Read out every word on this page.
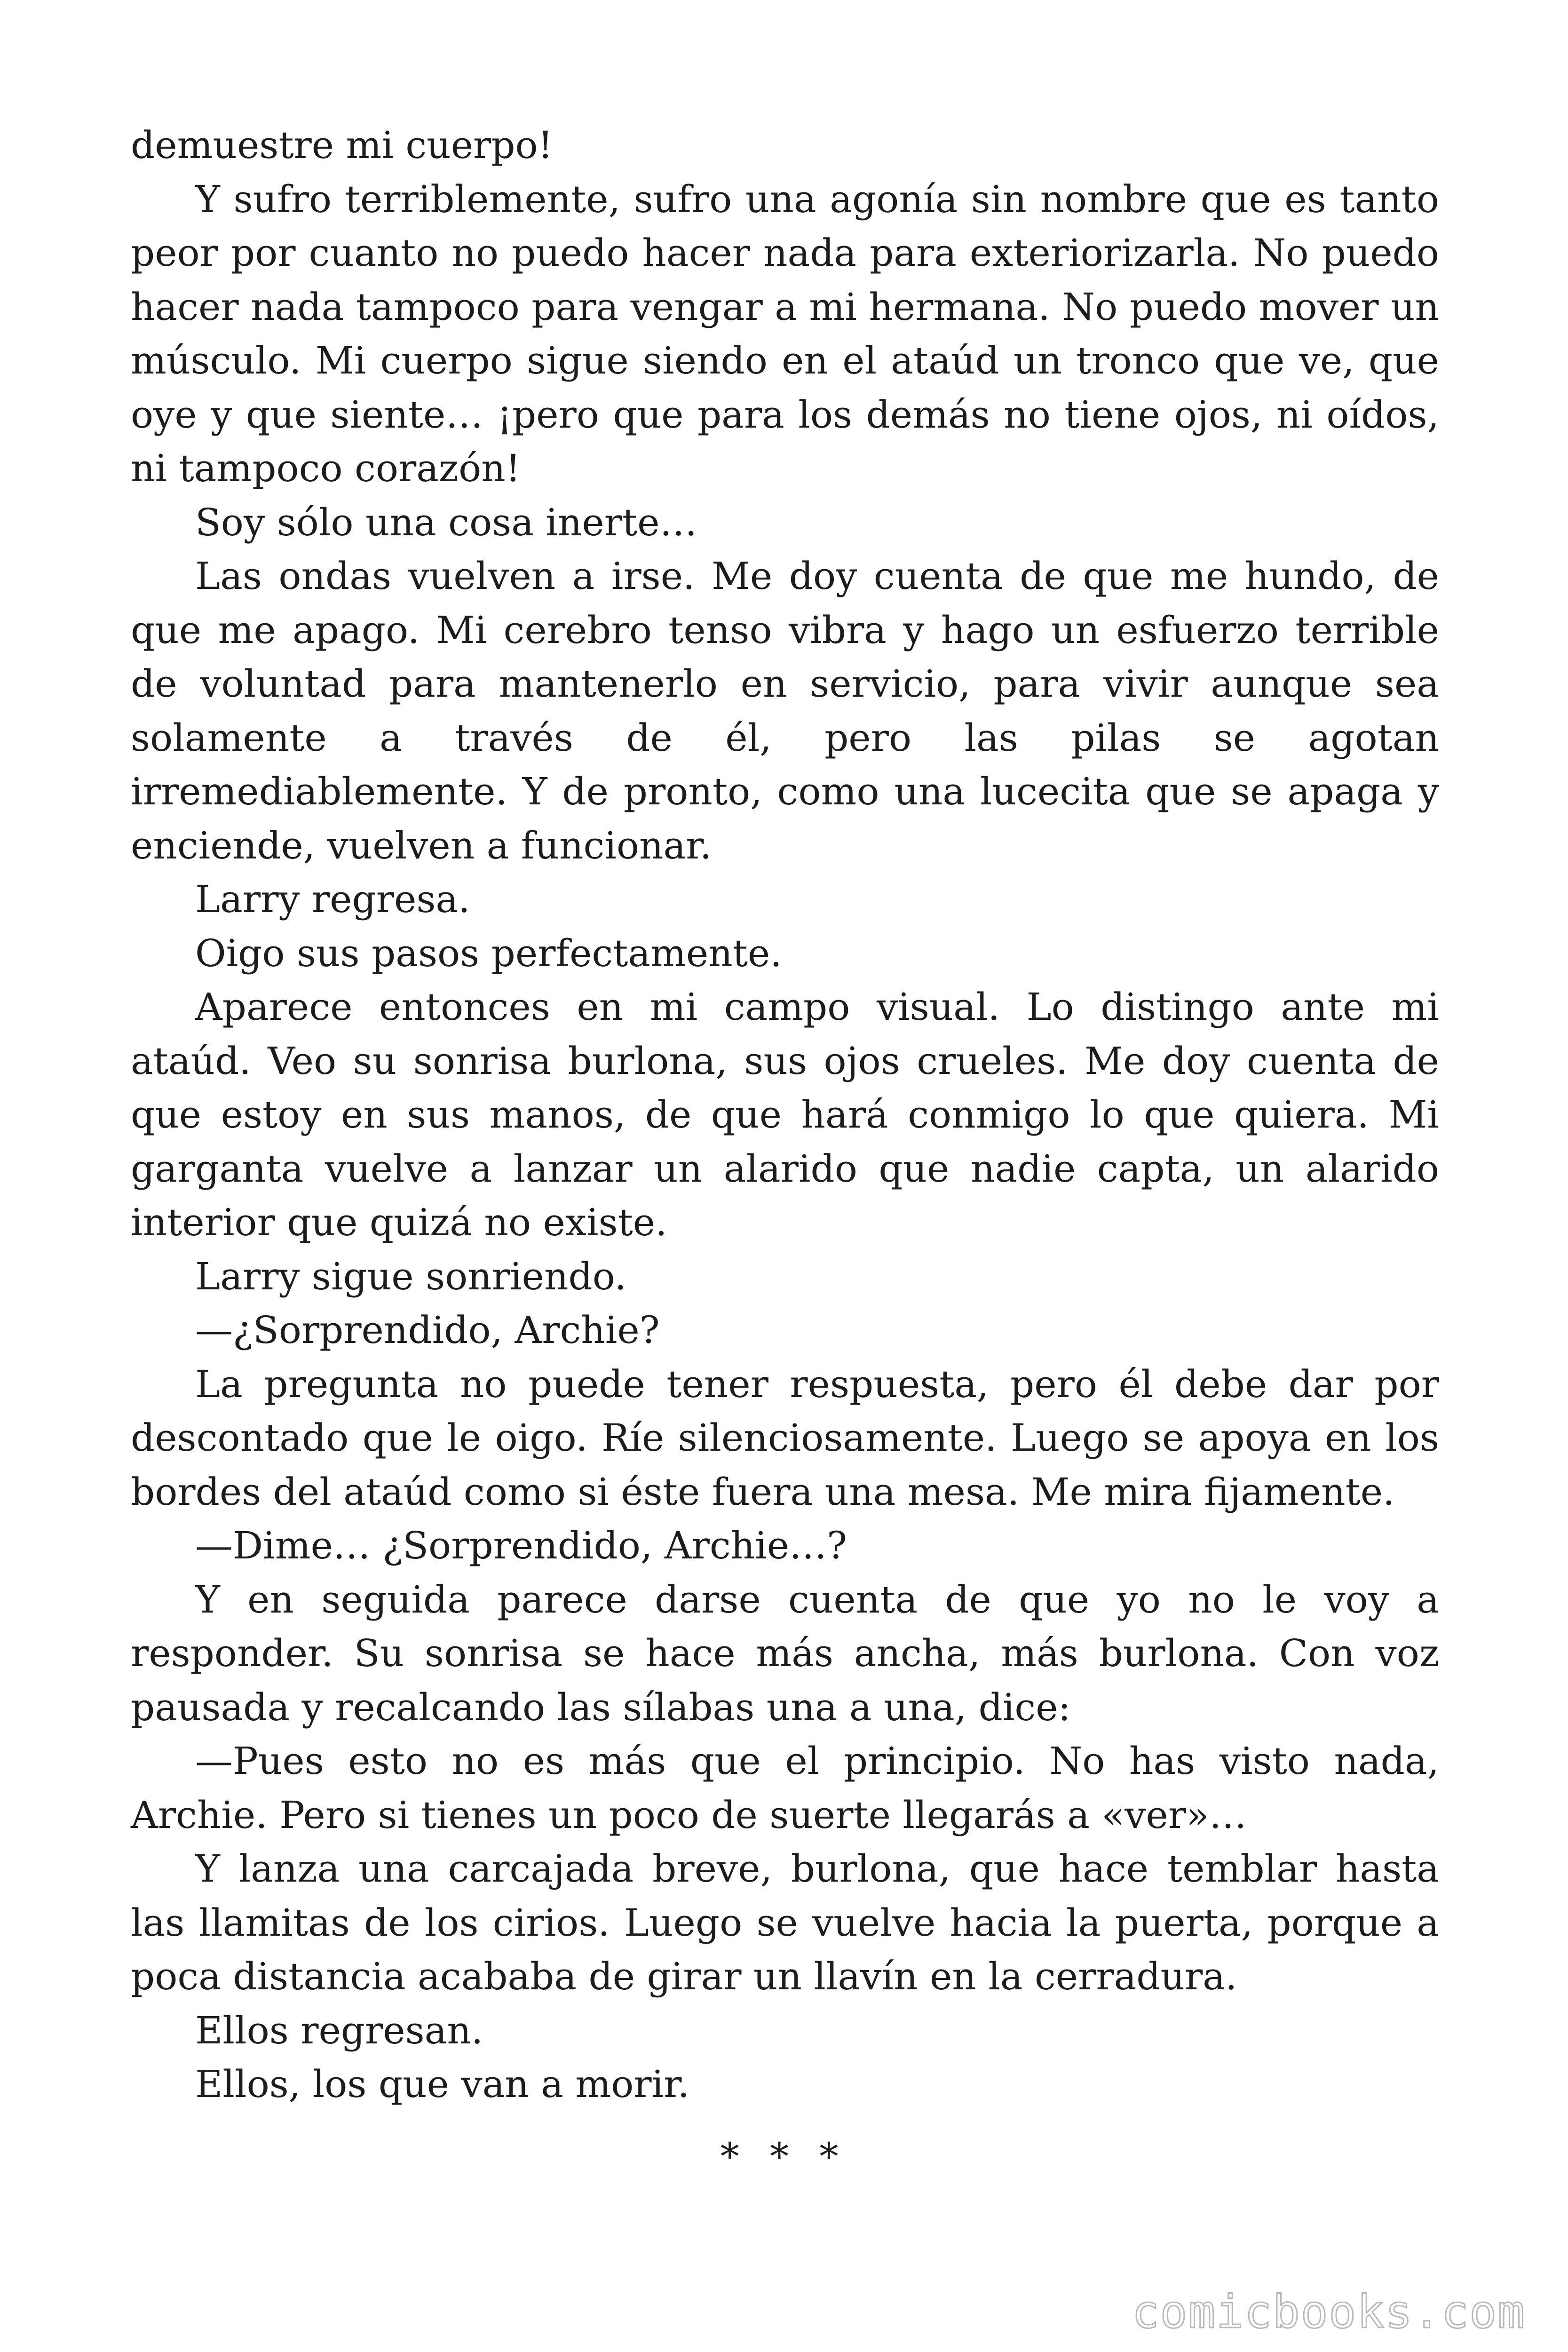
demuestre mi cuerpo!

Y sufro terriblemente, sufro una agonía sin nombre que es tanto peor por cuanto no puedo hacer nada para exteriorizarla. No puedo hacer nada tampoco para vengar a mi hermana. No puedo mover un músculo. Mi cuerpo sigue siendo en el ataúd un tronco que ve, que oye y que siente… ¡pero que para los demás no tiene ojos, ni oídos, ni tampoco corazón!

Soy sólo una cosa inerte…

Las ondas vuelven a irse. Me doy cuenta de que me hundo, de que me apago. Mi cerebro tenso vibra y hago un esfuerzo terrible de voluntad para mantenerlo en servicio, para vivir aunque sea solamente a través de él, pero las pilas se agotan irremediablemente. Y de pronto, como una lucecita que se apaga y enciende, vuelven a funcionar.

Larry regresa.

Oigo sus pasos perfectamente.

Aparece entonces en mi campo visual. Lo distingo ante mi ataúd. Veo su sonrisa burlona, sus ojos crueles. Me doy cuenta de que estoy en sus manos, de que hará conmigo lo que quiera. Mi garganta vuelve a lanzar un alarido que nadie capta, un alarido interior que quizá no existe.

Larry sigue sonriendo.

—¿Sorprendido, Archie?

La pregunta no puede tener respuesta, pero él debe dar por descontado que le oigo. Ríe silenciosamente. Luego se apoya en los bordes del ataúd como si éste fuera una mesa. Me mira fijamente.

—Dime… ¿Sorprendido, Archie…?

Y en seguida parece darse cuenta de que yo no le voy a responder. Su sonrisa se hace más ancha, más burlona. Con voz pausada y recalcando las sílabas una a una, dice:

—Pues esto no es más que el principio. No has visto nada, Archie. Pero si tienes un poco de suerte llegarás a «ver»…

Y lanza una carcajada breve, burlona, que hace temblar hasta las llamitas de los cirios. Luego se vuelve hacia la puerta, porque a poca distancia acababa de girar un llavín en la cerradura.

Ellos regresan.

Ellos, los que van a morir.

* * *
comicbooks.com
